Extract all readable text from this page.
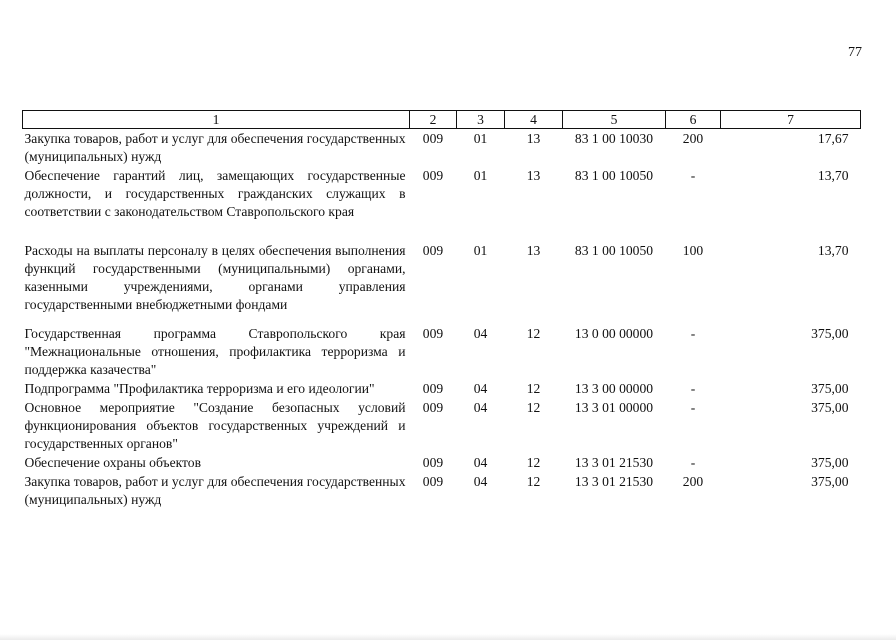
77
1	2	3	4	5	6	7
Закупка товаров, работ и услуг для обеспечения государственных (муниципальных) нужд	009	01	13	83 1 00 10030	200	17,67
Обеспечение гарантий лиц, замещающих государственные должности, и государственных гражданских служащих в соответствии с законодательством Ставропольского края	009	01	13	83 1 00 10050	-	13,70
Расходы на выплаты персоналу в целях обеспечения выполнения функций государственными (муниципальными) органами, казенными учреждениями, органами управления государственными внебюджетными фондами	009	01	13	83 1 00 10050	100	13,70
Государственная программа Ставропольского края "Межнациональные отношения, профилактика терроризма и поддержка казачества"	009	04	12	13 0 00 00000	-	375,00
Подпрограмма "Профилактика терроризма и его идеологии"	009	04	12	13 3 00 00000	-	375,00
Основное мероприятие "Создание безопасных условий функционирования объектов государственных учреждений и государственных органов"	009	04	12	13 3 01 00000	-	375,00
Обеспечение охраны объектов	009	04	12	13 3 01 21530	-	375,00
Закупка товаров, работ и услуг для обеспечения государственных (муниципальных) нужд	009	04	12	13 3 01 21530	200	375,00
